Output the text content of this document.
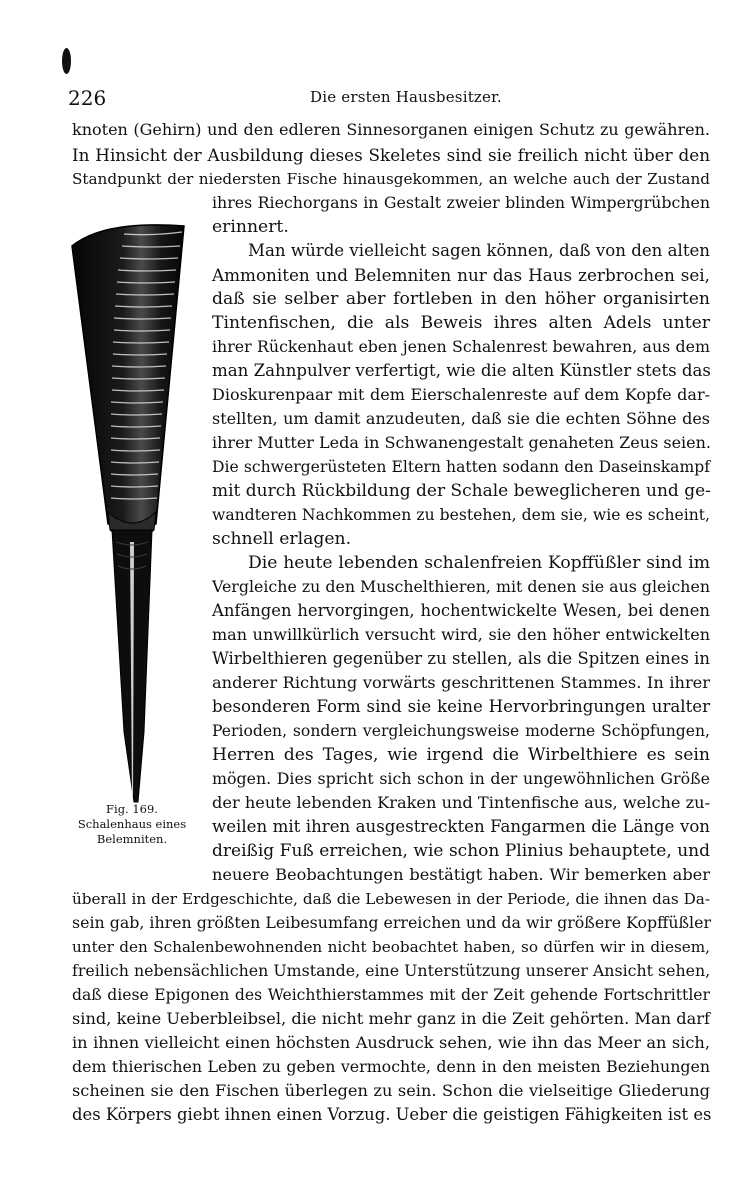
226	Die ersten Hausbesitzer.
Fig. 169.
Schalenhaus eines
Belemniten.
knoten (Gehirn) und den edleren Sinnesorganen einigen Schutz zu gewähren.
In Hinsicht der Ausbildung dieses Skeletes sind sie freilich nicht über den
Standpunkt der niedersten Fische hinausgekommen, an welche auch der Zustand
ihres Riechorgans in Gestalt zweier blinden Wimpergrübchen
erinnert.
Man würde vielleicht sagen können, daß von den alten
Ammoniten und Belemniten nur das Haus zerbrochen sei,
daß sie selber aber fortleben in den höher organisirten
Tintenfischen, die als Beweis ihres alten Adels unter
ihrer Rückenhaut eben jenen Schalenrest bewahren, aus dem
man Zahnpulver verfertigt, wie die alten Künstler stets das
Dioskurenpaar mit dem Eierschalenreste auf dem Kopfe dar-
stellten, um damit anzudeuten, daß sie die echten Söhne des
ihrer Mutter Leda in Schwanengestalt genaheten Zeus seien.
Die schwergerüsteten Eltern hatten sodann den Daseinskampf
mit durch Rückbildung der Schale beweglicheren und ge-
wandteren Nachkommen zu bestehen, dem sie, wie es scheint,
schnell erlagen.
Die heute lebenden schalenfreien Kopffüßler sind im
Vergleiche zu den Muschelthieren, mit denen sie aus gleichen
Anfängen hervorgingen, hochentwickelte Wesen, bei denen
man unwillkürlich versucht wird, sie den höher entwickelten
Wirbelthieren gegenüber zu stellen, als die Spitzen eines in
anderer Richtung vorwärts geschrittenen Stammes. In ihrer
besonderen Form sind sie keine Hervorbringungen uralter
Perioden, sondern vergleichungsweise moderne Schöpfungen,
Herren des Tages, wie irgend die Wirbelthiere es sein
mögen. Dies spricht sich schon in der ungewöhnlichen Größe
der heute lebenden Kraken und Tintenfische aus, welche zu-
weilen mit ihren ausgestreckten Fangarmen die Länge von
dreißig Fuß erreichen, wie schon Plinius behauptete, und
neuere Beobachtungen bestätigt haben. Wir bemerken aber
überall in der Erdgeschichte, daß die Lebewesen in der Periode, die ihnen das Da-
sein gab, ihren größten Leibesumfang erreichen und da wir größere Kopffüßler
unter den Schalenbewohnenden nicht beobachtet haben, so dürfen wir in diesem,
freilich nebensächlichen Umstande, eine Unterstützung unserer Ansicht sehen,
daß diese Epigonen des Weichthierstammes mit der Zeit gehende Fortschrittler
sind, keine Ueberbleibsel, die nicht mehr ganz in die Zeit gehörten. Man darf
in ihnen vielleicht einen höchsten Ausdruck sehen, wie ihn das Meer an sich,
dem thierischen Leben zu geben vermochte, denn in den meisten Beziehungen
scheinen sie den Fischen überlegen zu sein. Schon die vielseitige Gliederung
des Körpers giebt ihnen einen Vorzug. Ueber die geistigen Fähigkeiten ist es
